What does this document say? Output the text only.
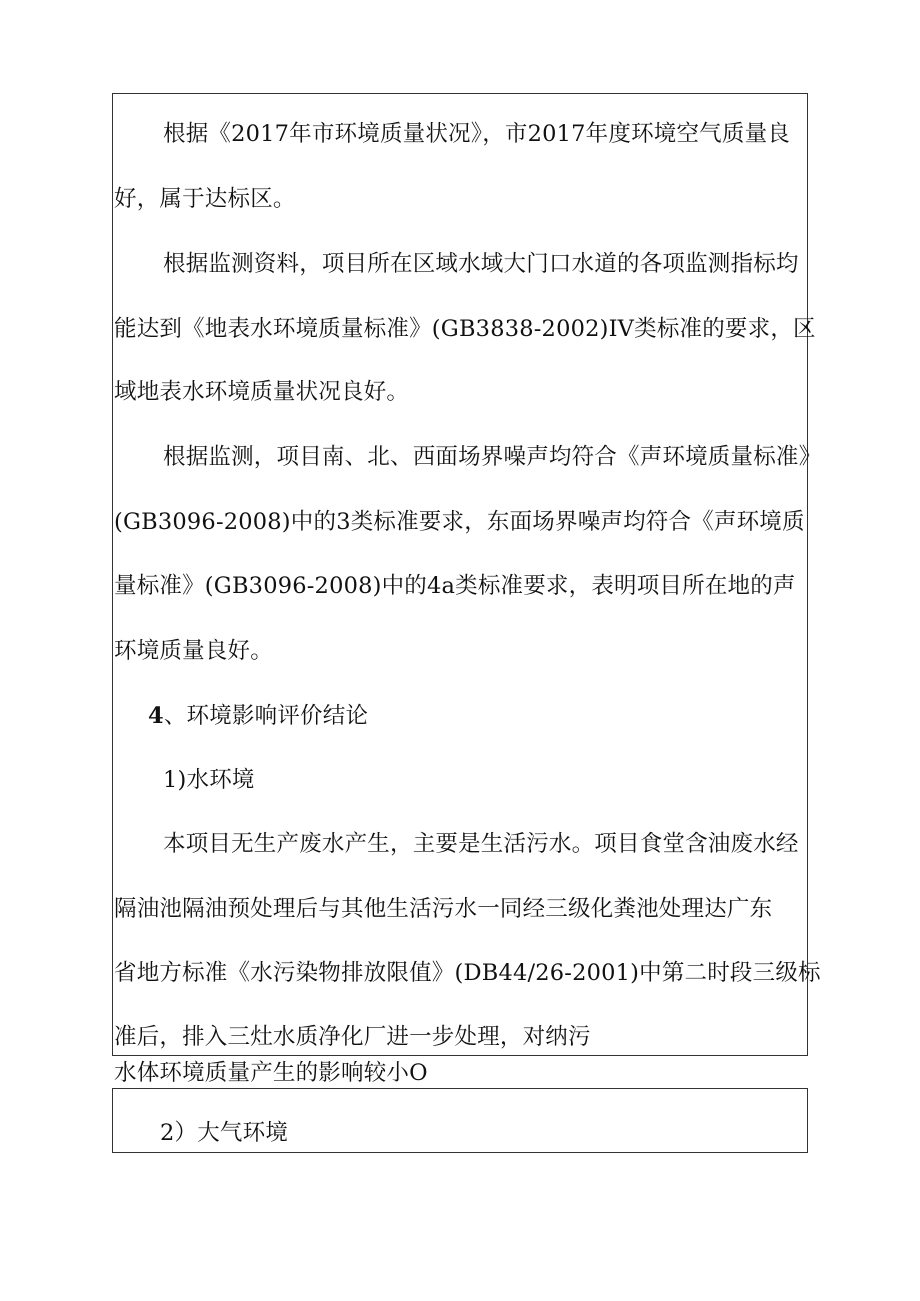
根据《2017年市环境质量状况》，市2017年度环境空气质量良

好，属于达标区。

根据监测资料，项目所在区域水域大门口水道的各项监测指标均

能达到《地表水环境质量标准》(GB3838-2002)IV类标准的要求，区

域地表水环境质量状况良好。

根据监测，项目南、北、西面场界噪声均符合《声环境质量标准》

(GB3096-2008)中的3类标准要求，东面场界噪声均符合《声环境质

量标准》(GB3096-2008)中的4a类标准要求，表明项目所在地的声

环境质量良好。

4、环境影响评价结论

1)水环境

本项目无生产废水产生，主要是生活污水。项目食堂含油废水经

隔油池隔油预处理后与其他生活污水一同经三级化粪池处理达广东

省地方标准《水污染物排放限值》(DB44/26-2001)中第二时段三级标

准后，排入三灶水质净化厂进一步处理，对纳污

水体环境质量产生的影响较小O

2）大气环境
